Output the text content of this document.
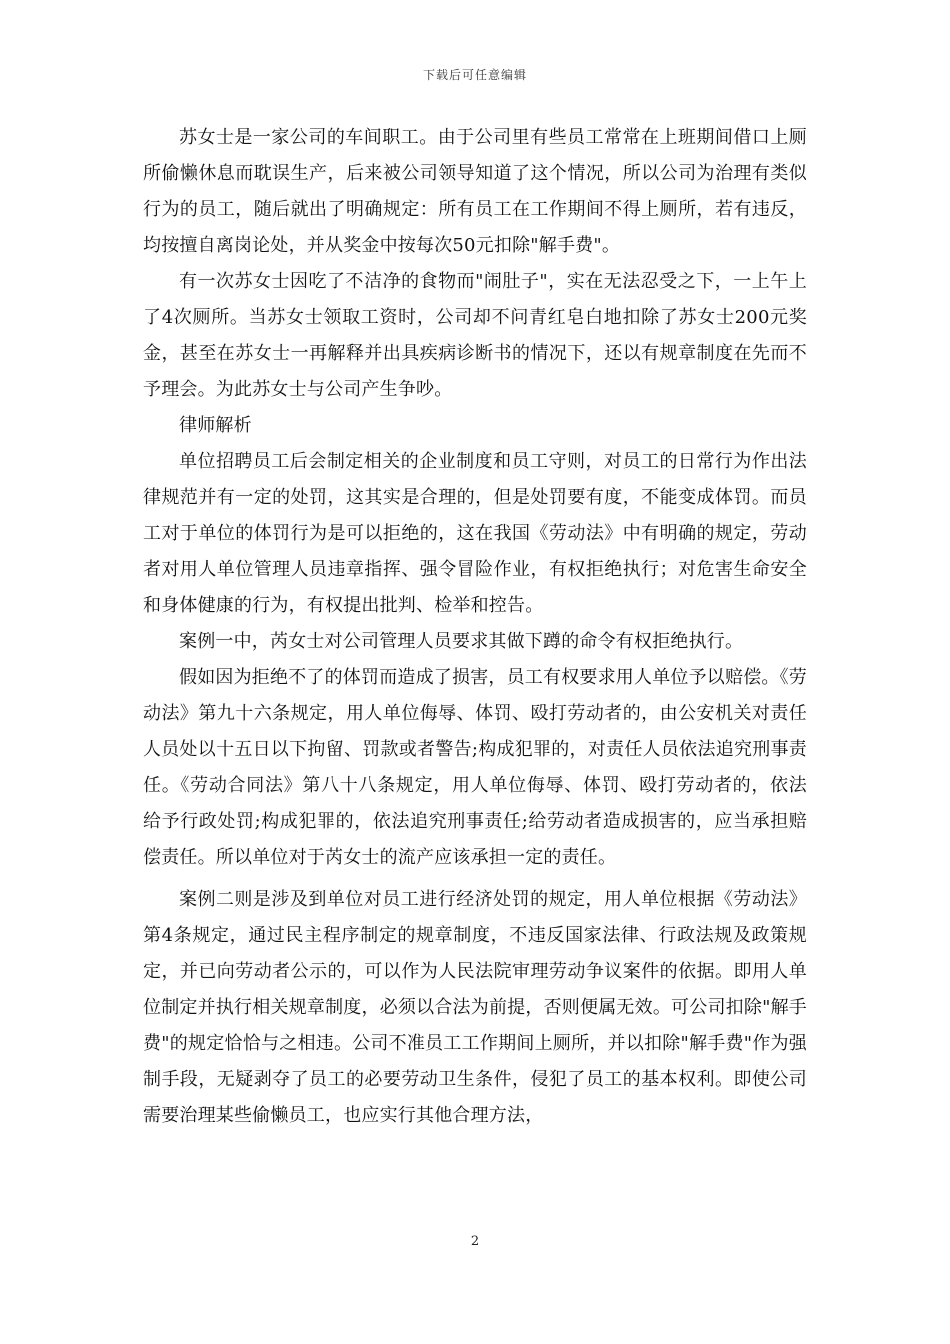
下载后可任意编辑

苏女士是一家公司的车间职工。由于公司里有些员工常常在上班期间借口上厕所偷懒休息而耽误生产，后来被公司领导知道了这个情况，所以公司为治理有类似行为的员工，随后就出了明确规定：所有员工在工作期间不得上厕所，若有违反，均按擅自离岗论处，并从奖金中按每次50元扣除"解手费"。

有一次苏女士因吃了不洁净的食物而"闹肚子"，实在无法忍受之下，一上午上了4次厕所。当苏女士领取工资时，公司却不问青红皂白地扣除了苏女士200元奖金，甚至在苏女士一再解释并出具疾病诊断书的情况下，还以有规章制度在先而不予理会。为此苏女士与公司产生争吵。

律师解析

单位招聘员工后会制定相关的企业制度和员工守则，对员工的日常行为作出法律规范并有一定的处罚，这其实是合理的，但是处罚要有度，不能变成体罚。而员工对于单位的体罚行为是可以拒绝的，这在我国《劳动法》中有明确的规定，劳动者对用人单位管理人员违章指挥、强令冒险作业，有权拒绝执行；对危害生命安全和身体健康的行为，有权提出批判、检举和控告。

案例一中，芮女士对公司管理人员要求其做下蹲的命令有权拒绝执行。

假如因为拒绝不了的体罚而造成了损害，员工有权要求用人单位予以赔偿。《劳动法》第九十六条规定，用人单位侮辱、体罚、殴打劳动者的，由公安机关对责任人员处以十五日以下拘留、罚款或者警告;构成犯罪的，对责任人员依法追究刑事责任。《劳动合同法》第八十八条规定，用人单位侮辱、体罚、殴打劳动者的，依法给予行政处罚;构成犯罪的，依法追究刑事责任;给劳动者造成损害的，应当承担赔偿责任。所以单位对于芮女士的流产应该承担一定的责任。

案例二则是涉及到单位对员工进行经济处罚的规定，用人单位根据《劳动法》第4条规定，通过民主程序制定的规章制度，不违反国家法律、行政法规及政策规定，并已向劳动者公示的，可以作为人民法院审理劳动争议案件的依据。即用人单位制定并执行相关规章制度，必须以合法为前提，否则便属无效。可公司扣除"解手费"的规定恰恰与之相违。公司不准员工工作期间上厕所，并以扣除"解手费"作为强制手段，无疑剥夺了员工的必要劳动卫生条件，侵犯了员工的基本权利。即使公司需要治理某些偷懒员工，也应实行其他合理方法，

2
